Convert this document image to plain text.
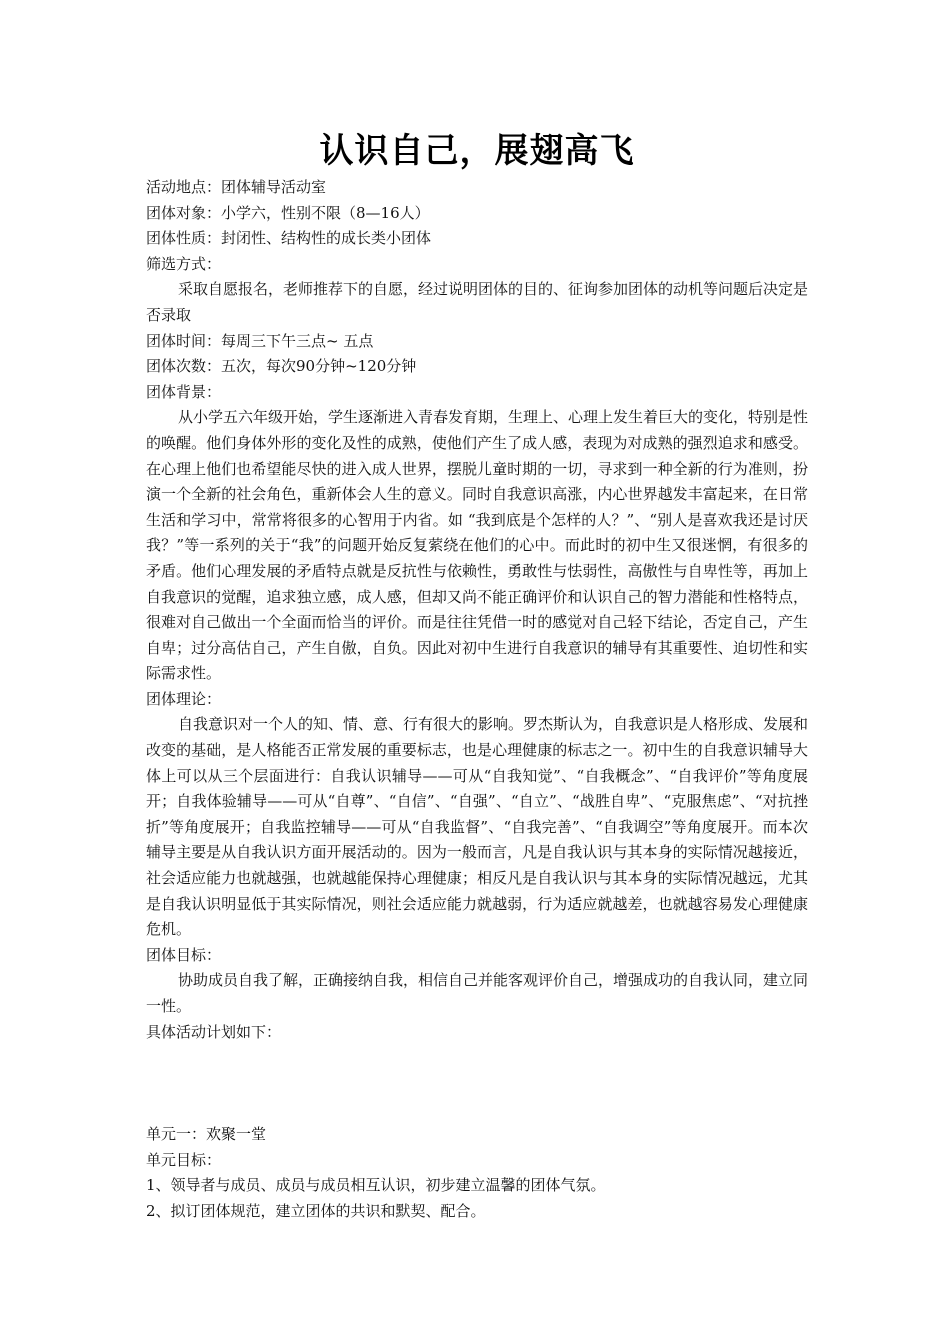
认识自己，展翅高飞

活动地点：团体辅导活动室

团体对象：小学六，性别不限（8—16人）

团体性质：封闭性、结构性的成长类小团体

筛选方式：

采取自愿报名，老师推荐下的自愿，经过说明团体的目的、征询参加团体的动机等问题后决定是否录取

团体时间：每周三下午三点~ 五点

团体次数：五次，每次90分钟~120分钟

团体背景：

从小学五六年级开始，学生逐渐进入青春发育期，生理上、心理上发生着巨大的变化，特别是性的唤醒。他们身体外形的变化及性的成熟，使他们产生了成人感，表现为对成熟的强烈追求和感受。在心理上他们也希望能尽快的进入成人世界，摆脱儿童时期的一切，寻求到一种全新的行为准则，扮演一个全新的社会角色，重新体会人生的意义。同时自我意识高涨，内心世界越发丰富起来，在日常生活和学习中，常常将很多的心智用于内省。如 “我到底是个怎样的人？”、“别人是喜欢我还是讨厌我？”等一系列的关于“我”的问题开始反复萦绕在他们的心中。而此时的初中生又很迷惘，有很多的矛盾。他们心理发展的矛盾特点就是反抗性与依赖性，勇敢性与怯弱性，高傲性与自卑性等，再加上自我意识的觉醒，追求独立感，成人感，但却又尚不能正确评价和认识自己的智力潜能和性格特点，很难对自己做出一个全面而恰当的评价。而是往往凭借一时的感觉对自己轻下结论，否定自己，产生自卑；过分高估自己，产生自傲，自负。因此对初中生进行自我意识的辅导有其重要性、迫切性和实际需求性。

团体理论：

自我意识对一个人的知、情、意、行有很大的影响。罗杰斯认为，自我意识是人格形成、发展和改变的基础，是人格能否正常发展的重要标志，也是心理健康的标志之一。初中生的自我意识辅导大体上可以从三个层面进行：自我认识辅导——可从“自我知觉”、“自我概念”、“自我评价”等角度展开；自我体验辅导——可从“自尊”、“自信”、“自强”、“自立”、“战胜自卑”、“克服焦虑”、“对抗挫折”等角度展开；自我监控辅导——可从“自我监督”、“自我完善”、“自我调空”等角度展开。而本次辅导主要是从自我认识方面开展活动的。因为一般而言，凡是自我认识与其本身的实际情况越接近，社会适应能力也就越强，也就越能保持心理健康；相反凡是自我认识与其本身的实际情况越远，尤其是自我认识明显低于其实际情况，则社会适应能力就越弱，行为适应就越差，也就越容易发心理健康危机。

团体目标：

协助成员自我了解，正确接纳自我，相信自己并能客观评价自己，增强成功的自我认同，建立同一性。

具体活动计划如下：

单元一：欢聚一堂

单元目标：

1、领导者与成员、成员与成员相互认识，初步建立温馨的团体气氛。

2、拟订团体规范，建立团体的共识和默契、配合。
